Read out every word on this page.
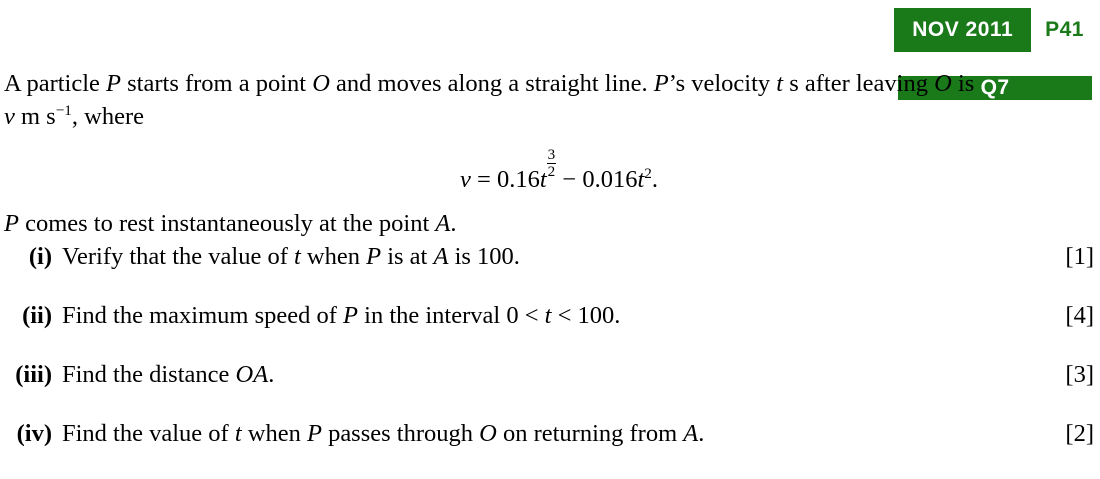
NOV 2011	P41
Q7

A particle P starts from a point O and moves along a straight line. P’s velocity t s after leaving O is

v m $s^{-1}$, where

$v = 0.16t \frac{3}{2} - 0.016t^2$.

P comes to rest instantaneously at the point A.

(i) Verify that the value of t when P is at A is 100.	[1]
(ii) Find the maximum speed of P in the interval 0 < t < 100.	[4]
(iii) Find the distance OA.	[3]
(iv) Find the value of t when P passes through O on returning from A.	[2]
